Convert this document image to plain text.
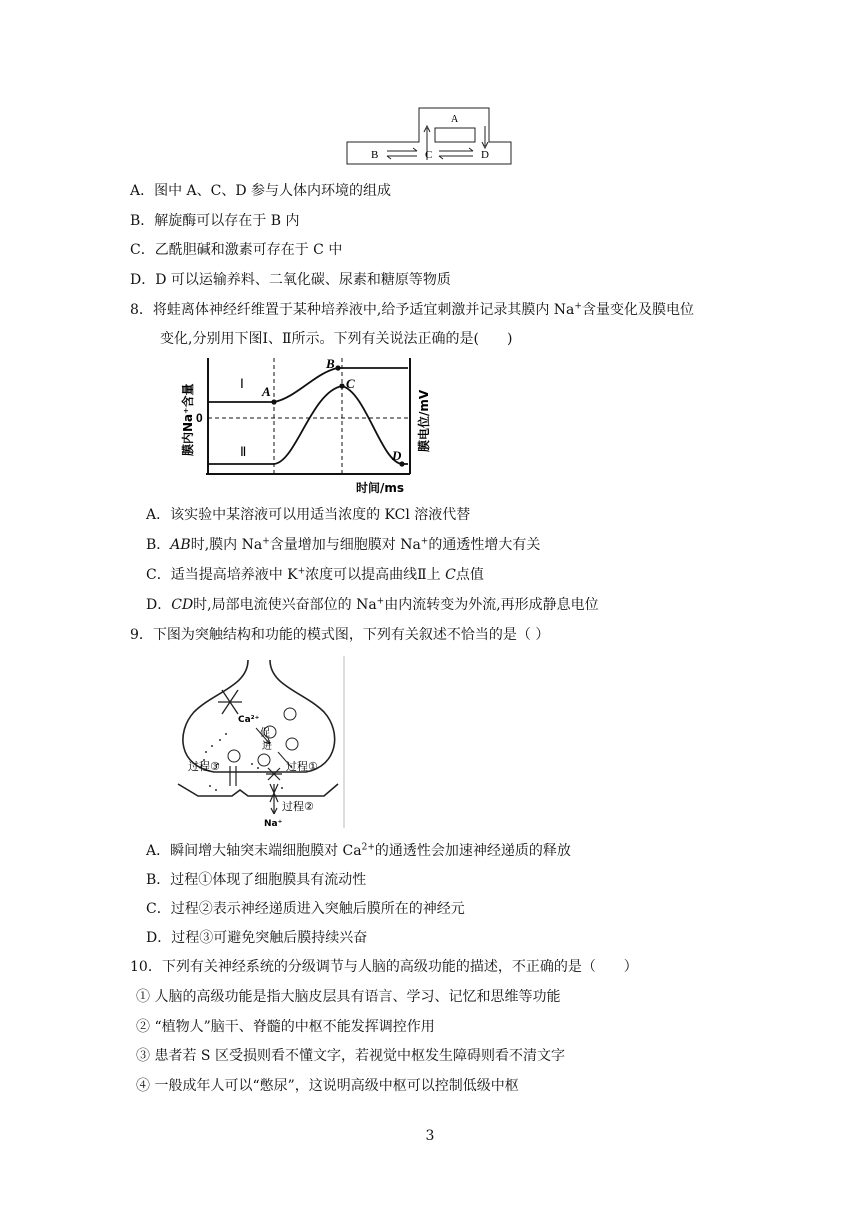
A
B	C	D
A．图中 A、C、D 参与人体内环境的组成
B．解旋酶可以存在于 B 内
C．乙酰胆碱和激素可存在于 C 中
D．D 可以运输养料、二氧化碳、尿素和糖原等物质
8．将蛙离体神经纤维置于某种培养液中,给予适宜刺激并记录其膜内 Na+含量变化及膜电位
变化,分别用下图Ⅰ、Ⅱ所示。下列有关说法正确的是(　　)
膜内Na⁺含量	膜电位/mV
0
Ⅰ
Ⅱ
A
B
C
D
时间/ms
A．该实验中某溶液可以用适当浓度的 KCl 溶液代替
B．AB时,膜内 Na+含量增加与细胞膜对 Na+的通透性增大有关
C．适当提高培养液中 K+浓度可以提高曲线Ⅱ上 C点值
D．CD时,局部电流使兴奋部位的 Na+由内流转变为外流,再形成静息电位
9．下图为突触结构和功能的模式图，下列有关叙述不恰当的是（ ）
Ca²⁺
促
进
过程①
过程③
过程②
Na⁺
A．瞬间增大轴突末端细胞膜对 $Ca^{2+}$的通透性会加速神经递质的释放
B．过程①体现了细胞膜具有流动性
C．过程②表示神经递质进入突触后膜所在的神经元
D．过程③可避免突触后膜持续兴奋
10．下列有关神经系统的分级调节与人脑的高级功能的描述，不正确的是（　　）
① 人脑的高级功能是指大脑皮层具有语言、学习、记忆和思维等功能
② “植物人”脑干、脊髓的中枢不能发挥调控作用
③ 患者若 S 区受损则看不懂文字，若视觉中枢发生障碍则看不清文字
④ 一般成年人可以“憋尿”，这说明高级中枢可以控制低级中枢
3
